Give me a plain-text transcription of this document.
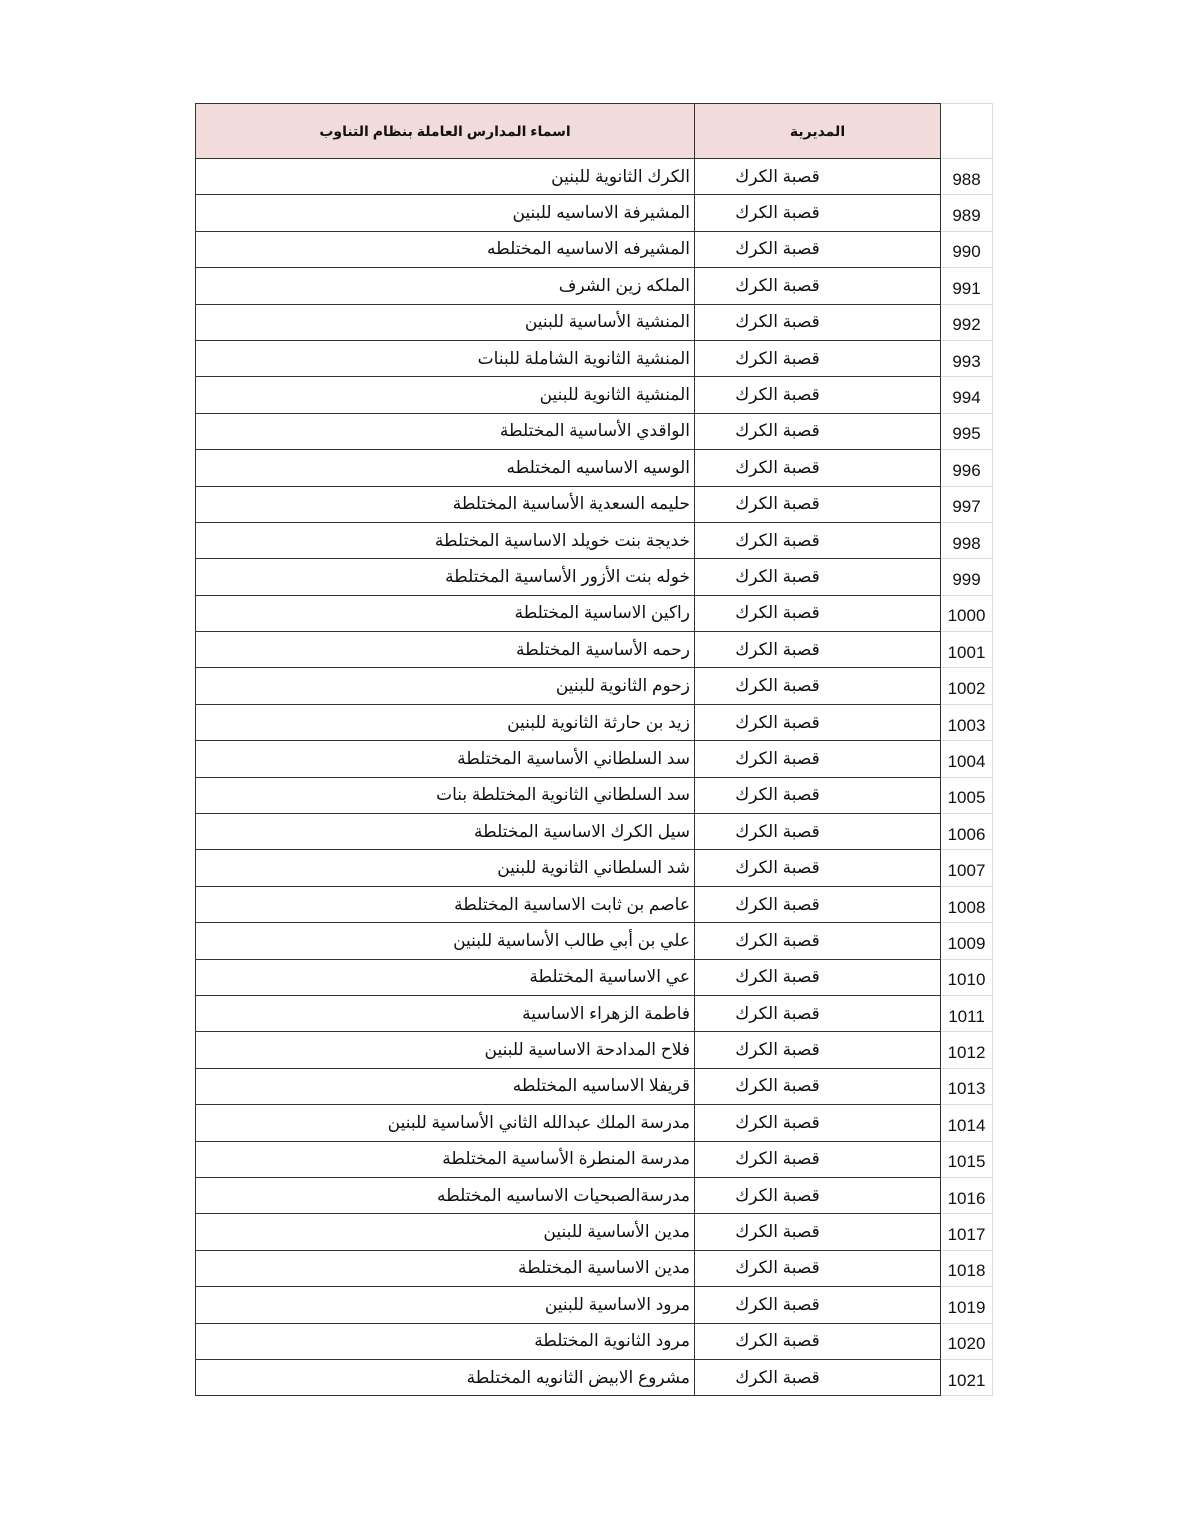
اسماء المدارس العاملة بنظام التناوب	المديرية	
الكرك الثانوية للبنين	قصبة الكرك	988
المشيرفة الاساسيه للبنين	قصبة الكرك	989
المشيرفه الاساسيه المختلطه	قصبة الكرك	990
الملكه زين الشرف	قصبة الكرك	991
المنشية الأساسية للبنين	قصبة الكرك	992
المنشية الثانوية الشاملة للبنات	قصبة الكرك	993
المنشية الثانوية للبنين	قصبة الكرك	994
الواقدي الأساسية المختلطة	قصبة الكرك	995
الوسيه الاساسيه المختلطه	قصبة الكرك	996
حليمه السعدية الأساسية المختلطة	قصبة الكرك	997
خديجة بنت خويلد الاساسية المختلطة	قصبة الكرك	998
خوله بنت الأزور الأساسية المختلطة	قصبة الكرك	999
راكين الاساسية المختلطة	قصبة الكرك	1000
رحمه الأساسية المختلطة	قصبة الكرك	1001
زحوم الثانوية للبنين	قصبة الكرك	1002
زيد بن حارثة الثانوية للبنين	قصبة الكرك	1003
سد السلطاني الأساسية المختلطة	قصبة الكرك	1004
سد السلطاني الثانوية المختلطة بنات	قصبة الكرك	1005
سيل الكرك الاساسية المختلطة	قصبة الكرك	1006
شد السلطاني الثانوية للبنين	قصبة الكرك	1007
عاصم بن ثابت الاساسية المختلطة	قصبة الكرك	1008
علي بن أبي طالب الأساسية للبنين	قصبة الكرك	1009
عي الاساسية المختلطة	قصبة الكرك	1010
فاطمة الزهراء الاساسية	قصبة الكرك	1011
فلاح المدادحة الاساسية للبنين	قصبة الكرك	1012
قريفلا الاساسيه المختلطه	قصبة الكرك	1013
مدرسة الملك عبدالله الثاني الأساسية للبنين	قصبة الكرك	1014
مدرسة المنطرة الأساسية المختلطة	قصبة الكرك	1015
مدرسةالصبحيات الاساسيه المختلطه	قصبة الكرك	1016
مدين الأساسية للبنين	قصبة الكرك	1017
مدين الاساسية المختلطة	قصبة الكرك	1018
مرود الاساسية للبنين	قصبة الكرك	1019
مرود الثانوية المختلطة	قصبة الكرك	1020
مشروع الابيض الثانويه المختلطة	قصبة الكرك	1021
